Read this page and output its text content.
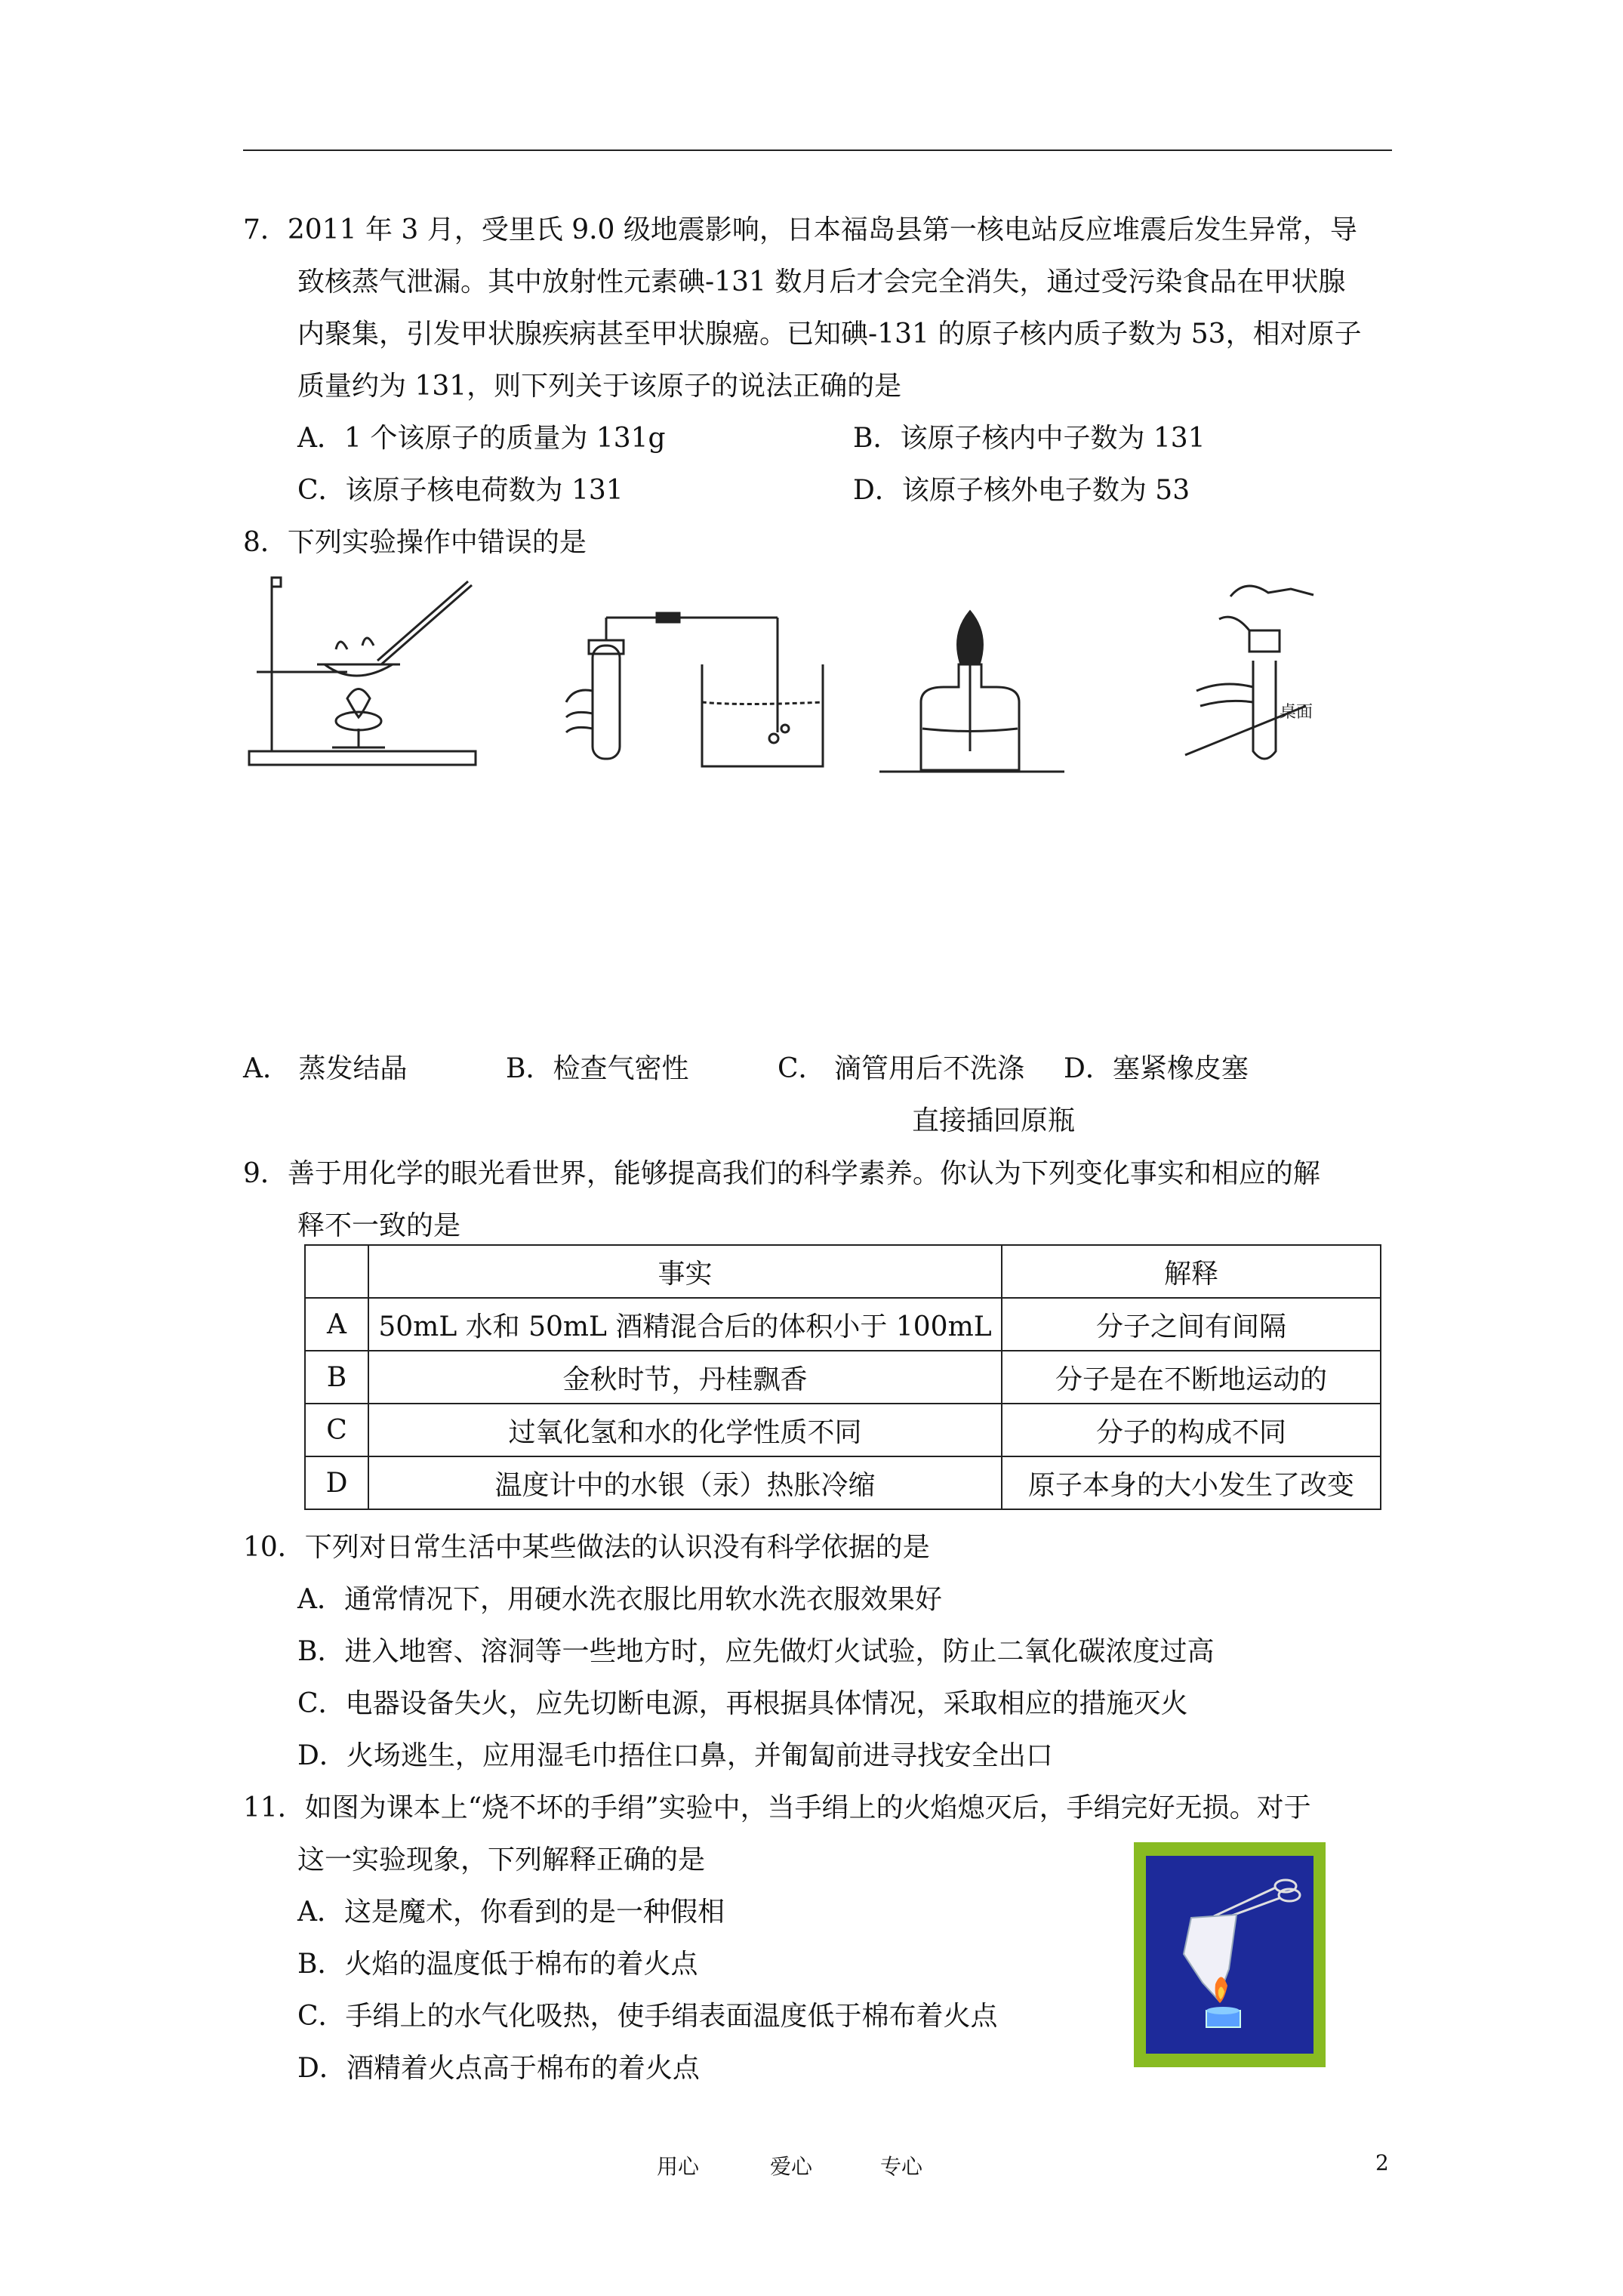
7．2011 年 3 月，受里氏 9.0 级地震影响，日本福岛县第一核电站反应堆震后发生异常，导
致核蒸气泄漏。其中放射性元素碘-131 数月后才会完全消失，通过受污染食品在甲状腺
内聚集，引发甲状腺疾病甚至甲状腺癌。已知碘-131 的原子核内质子数为 53，相对原子
质量约为 131，则下列关于该原子的说法正确的是
A．1 个该原子的质量为 131g	B．该原子核内中子数为 131
C．该原子核电荷数为 131	D．该原子核外电子数为 53
8．下列实验操作中错误的是
桌面
A． 蒸发结晶	B．检查气密性	C． 滴管用后不洗涤 D．塞紧橡皮塞
直接插回原瓶
9．善于用化学的眼光看世界，能够提高我们的科学素养。你认为下列变化事实和相应的解
释不一致的是
	事实	解释
A	50mL 水和 50mL 酒精混合后的体积小于 100mL	分子之间有间隔
B	金秋时节，丹桂飘香	分子是在不断地运动的
C	过氧化氢和水的化学性质不同	分子的构成不同
D	温度计中的水银（汞）热胀冷缩	原子本身的大小发生了改变
10．下列对日常生活中某些做法的认识没有科学依据的是
A．通常情况下，用硬水洗衣服比用软水洗衣服效果好
B．进入地窖、溶洞等一些地方时，应先做灯火试验，防止二氧化碳浓度过高
C．电器设备失火，应先切断电源，再根据具体情况，采取相应的措施灭火
D．火场逃生，应用湿毛巾捂住口鼻，并匍匐前进寻找安全出口
11．如图为课本上“烧不坏的手绢”实验中，当手绢上的火焰熄灭后，手绢完好无损。对于
这一实验现象，下列解释正确的是
A．这是魔术，你看到的是一种假相
B．火焰的温度低于棉布的着火点
C．手绢上的水气化吸热，使手绢表面温度低于棉布着火点
D．酒精着火点高于棉布的着火点
用心	爱心	专心	2
